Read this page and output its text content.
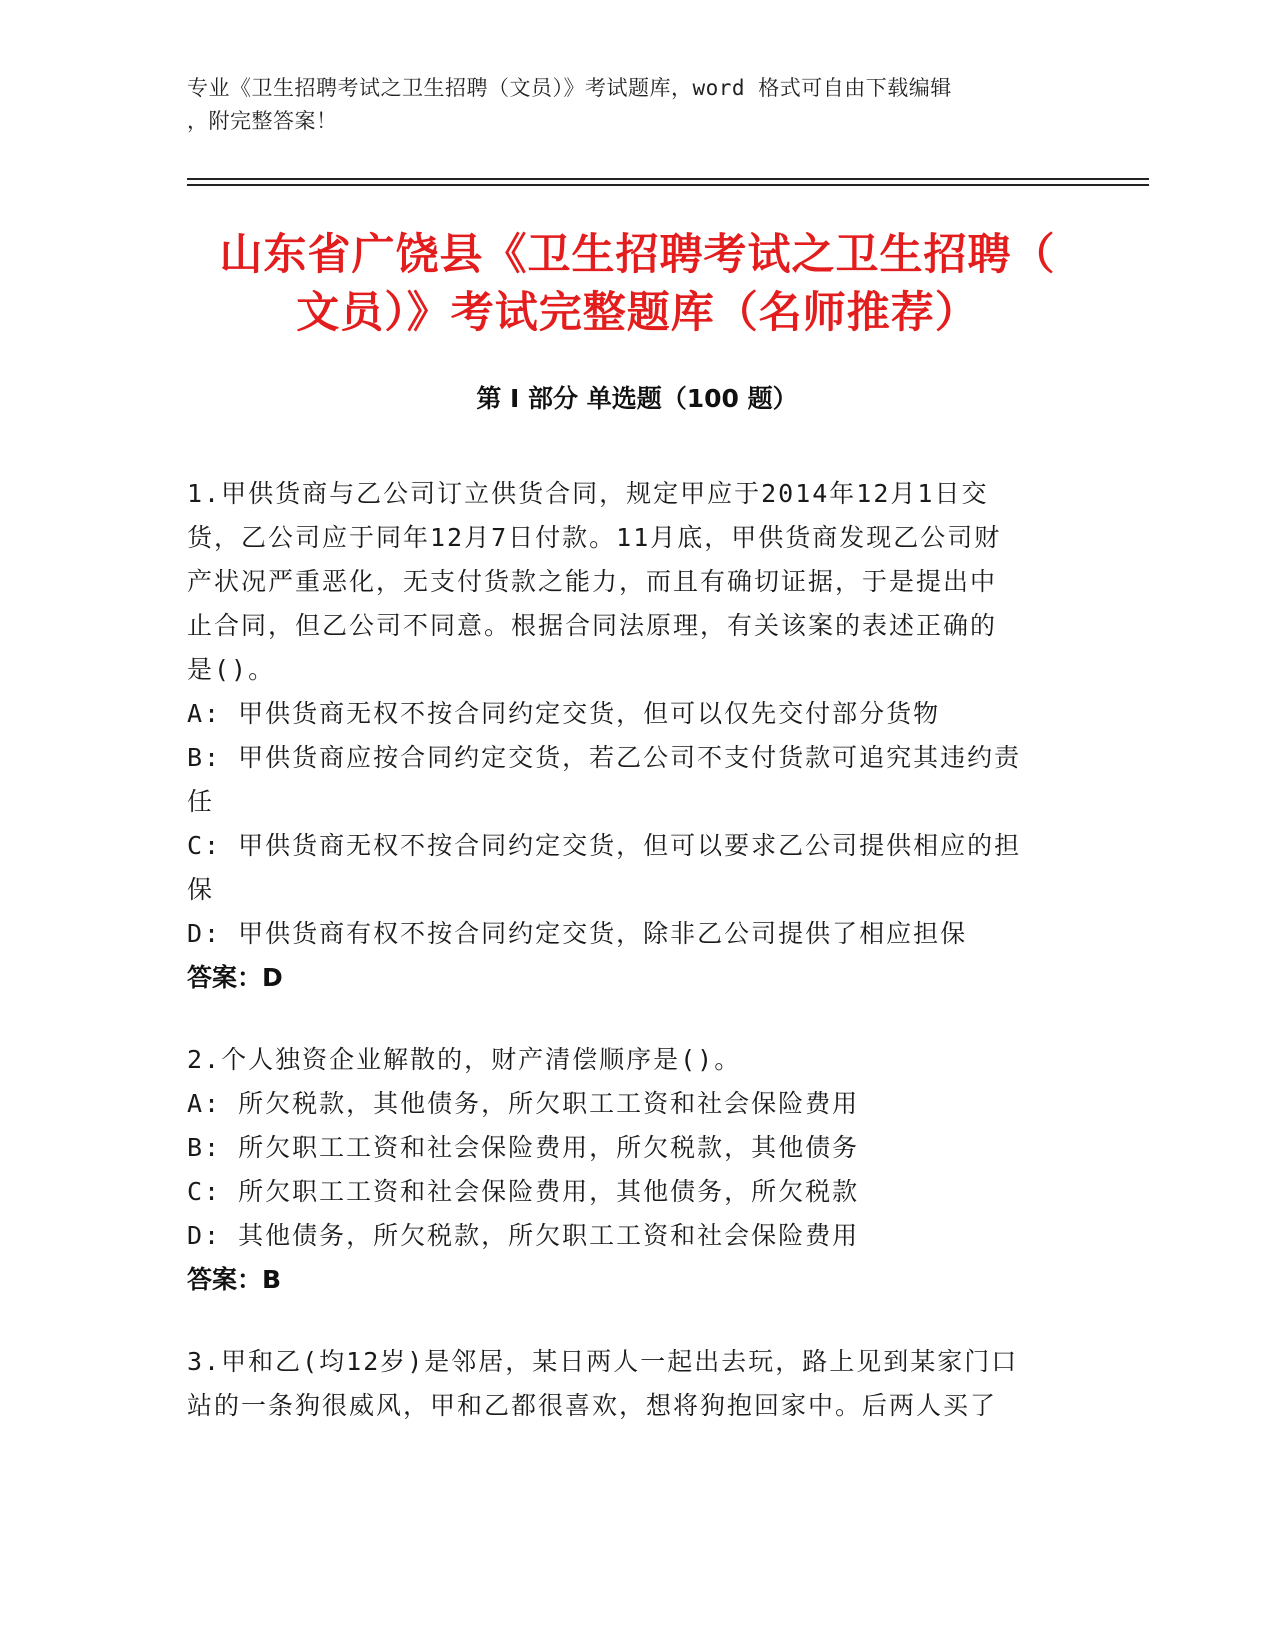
专业《卫生招聘考试之卫生招聘（文员）》考试题库，word 格式可自由下载编辑
，附完整答案！
山东省广饶县《卫生招聘考试之卫生招聘（
文员）》考试完整题库（名师推荐）
第 I 部分 单选题（100 题）

1.甲供货商与乙公司订立供货合同，规定甲应于2014年12月1日交

货，乙公司应于同年12月7日付款。11月底，甲供货商发现乙公司财

产状况严重恶化，无支付货款之能力，而且有确切证据，于是提出中

止合同，但乙公司不同意。根据合同法原理，有关该案的表述正确的

是()。

A: 甲供货商无权不按合同约定交货，但可以仅先交付部分货物

B: 甲供货商应按合同约定交货，若乙公司不支付货款可追究其违约责

任

C: 甲供货商无权不按合同约定交货，但可以要求乙公司提供相应的担

保

D: 甲供货商有权不按合同约定交货，除非乙公司提供了相应担保

答案：D

2.个人独资企业解散的，财产清偿顺序是()。

A: 所欠税款，其他债务，所欠职工工资和社会保险费用

B: 所欠职工工资和社会保险费用，所欠税款，其他债务

C: 所欠职工工资和社会保险费用，其他债务，所欠税款

D: 其他债务，所欠税款，所欠职工工资和社会保险费用

答案：B

3.甲和乙(均12岁)是邻居，某日两人一起出去玩，路上见到某家门口

站的一条狗很威风，甲和乙都很喜欢，想将狗抱回家中。后两人买了
